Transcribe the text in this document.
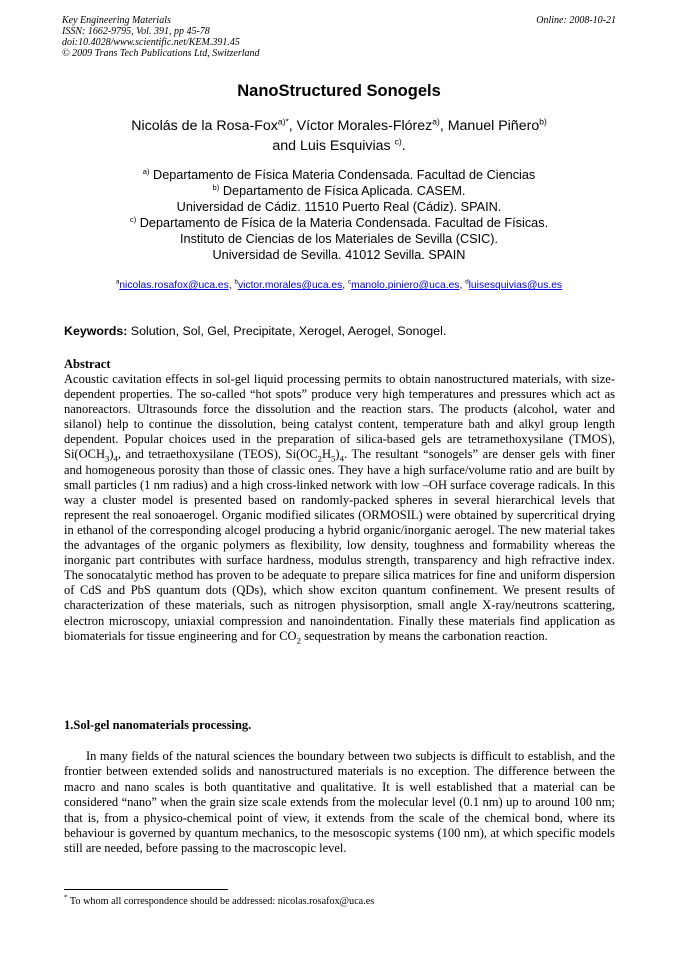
Key Engineering Materials
ISSN: 1662-9795, Vol. 391, pp 45-78
doi:10.4028/www.scientific.net/KEM.391.45
© 2009 Trans Tech Publications Ltd, Switzerland
Online: 2008-10-21
NanoStructured Sonogels
Nicolás de la Rosa-Fox$^{a)*}$, Víctor Morales-Flórez$^{a)}$, Manuel Piñero$^{b)}$
and Luis Esquivias $^{c)}$.
$^{a)}$ Departamento de Física Materia Condensada. Facultad de Ciencias
$^{b)}$ Departamento de Física Aplicada. CASEM.
Universidad de Cádiz. 11510 Puerto Real (Cádiz). SPAIN.
$^{c)}$ Departamento de Física de la Materia Condensada. Facultad de Físicas.
Instituto de Ciencias de los Materiales de Sevilla (CSIC).
Universidad de Sevilla. 41012 Sevilla. SPAIN
$^a$nicolas.rosafox@uca.es, $^b$victor.morales@uca.es, $^c$manolo.piniero@uca.es, $^d$luisesquivias@us.es
Keywords: Solution, Sol, Gel, Precipitate, Xerogel, Aerogel, Sonogel.
Abstract

Acoustic cavitation effects in sol-gel liquid processing permits to obtain nanostructured materials, with size-dependent properties. The so-called “hot spots” produce very high temperatures and pressures which act as nanoreactors. Ultrasounds force the dissolution and the reaction stars. The products (alcohol, water and silanol) help to continue the dissolution, being catalyst content, temperature bath and alkyl group length dependent. Popular choices used in the preparation of silica-based gels are tetramethoxysilane (TMOS), $Si(OCH_3)_4$, and tetraethoxysilane (TEOS), $Si(OC_2H_5)_4$. The resultant “sonogels” are denser gels with finer and homogeneous porosity than those of classic ones. They have a high surface/volume ratio and are built by small particles (1 nm radius) and a high cross-linked network with low –OH surface coverage radicals. In this way a cluster model is presented based on randomly-packed spheres in several hierarchical levels that represent the real sonoaerogel. Organic modified silicates (ORMOSIL) were obtained by supercritical drying in ethanol of the corresponding alcogel producing a hybrid organic/inorganic aerogel. The new material takes the advantages of the organic polymers as flexibility, low density, toughness and formability whereas the inorganic part contributes with surface hardness, modulus strength, transparency and high refractive index. The sonocatalytic method has proven to be adequate to prepare silica matrices for fine and uniform dispersion of CdS and PbS quantum dots (QDs), which show exciton quantum confinement. We present results of characterization of these materials, such as nitrogen physisorption, small angle X-ray/neutrons scattering, electron microscopy, uniaxial compression and nanoindentation. Finally these materials find application as biomaterials for tissue engineering and for $CO_2$ sequestration by means the carbonation reaction.

1.Sol-gel nanomaterials processing.

In many fields of the natural sciences the boundary between two subjects is difficult to establish, and the frontier between extended solids and nanostructured materials is no exception. The difference between the macro and nano scales is both quantitative and qualitative. It is well established that a material can be considered “nano” when the grain size scale extends from the molecular level (0.1 nm) up to around 100 nm; that is, from a physico-chemical point of view, it extends from the scale of the chemical bond, where its behaviour is governed by quantum mechanics, to the mesoscopic systems (100 nm), at which specific models still are needed, before passing to the macroscopic level.

* To whom all correspondence should be addressed: nicolas.rosafox@uca.es
